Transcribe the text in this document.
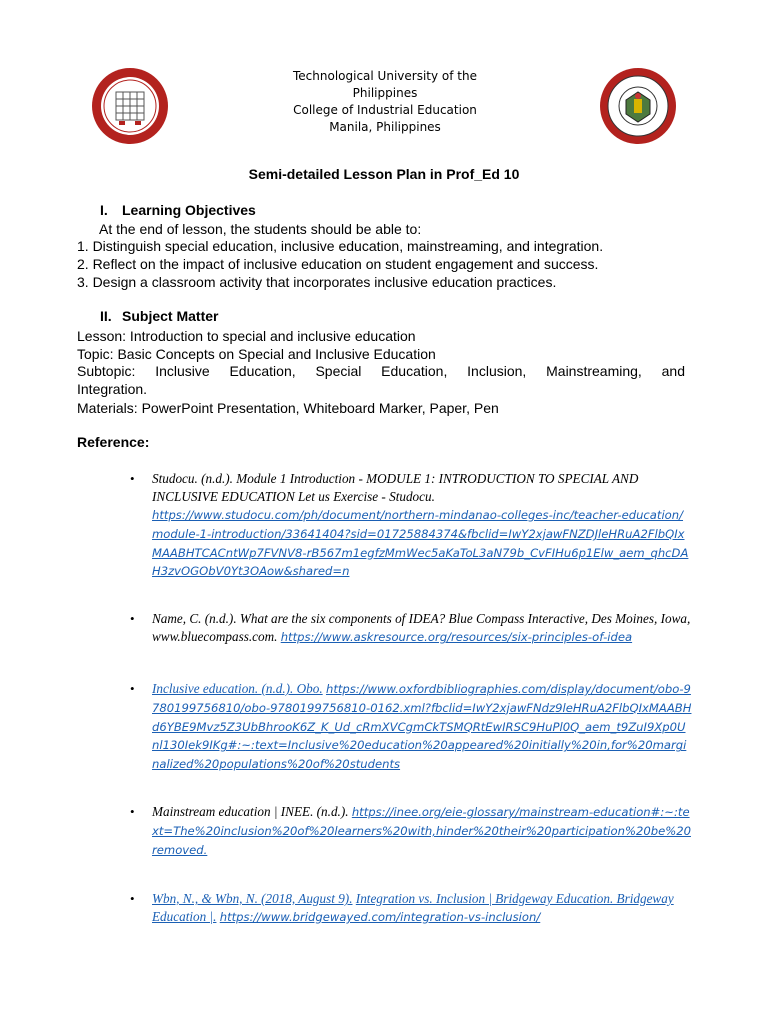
Technological University of the
Philippines
College of Industrial Education
Manila, Philippines
Semi-detailed Lesson Plan in Prof_Ed 10
I. Learning Objectives
At the end of lesson, the students should be able to:
1. Distinguish special education, inclusive education, mainstreaming, and integration.
2. Reflect on the impact of inclusive education on student engagement and success.
3. Design a classroom activity that incorporates inclusive education practices.
II. Subject Matter
Lesson: Introduction to special and inclusive education
Topic: Basic Concepts on Special and Inclusive Education
Subtopic: Inclusive Education, Special Education, Inclusion, Mainstreaming, and
Integration.
Materials: PowerPoint Presentation, Whiteboard Marker, Paper, Pen
Reference:
• Studocu. (n.d.). Module 1 Introduction - MODULE 1: INTRODUCTION TO SPECIAL AND INCLUSIVE EDUCATION Let us Exercise - Studocu.
https://www.studocu.com/ph/document/northern-mindanao-colleges-inc/teacher-education/module-1-introduction/33641404?sid=01725884374&fbclid=IwY2xjawFNZDJleHRuA2FlbQIxMAABHTCACntWp7FVNV8-rB567m1egfzMmWec5aKaToL3aN79b_CvFIHu6p1Elw_aem_qhcDAH3zvOGObV0Yt3OAow&shared=n
• Name, C. (n.d.). What are the six components of IDEA? Blue Compass Interactive, Des Moines, Iowa, www.bluecompass.com. https://www.askresource.org/resources/six-principles-of-idea
• Inclusive education. (n.d.). Obo. https://www.oxfordbibliographies.com/display/document/obo-9780199756810/obo-9780199756810-0162.xml?fbclid=IwY2xjawFNdz9leHRuA2FlbQIxMAABHd6YBE9Mvz5Z3UbBhrooK6Z_K_Ud_cRmXVCgmCkTSMQRtEwIRSC9HuPl0Q_aem_t9ZuI9Xp0Unl130Iek9IKg#:~:text=Inclusive%20education%20appeared%20initially%20in,for%20marginalized%20populations%20of%20students
• Mainstream education | INEE. (n.d.). https://inee.org/eie-glossary/mainstream-education#:~:text=The%20inclusion%20of%20learners%20with,hinder%20their%20participation%20be%20removed.
• Wbn, N., & Wbn, N. (2018, August 9). Integration vs. Inclusion | Bridgeway Education. Bridgeway Education |. https://www.bridgewayed.com/integration-vs-inclusion/
